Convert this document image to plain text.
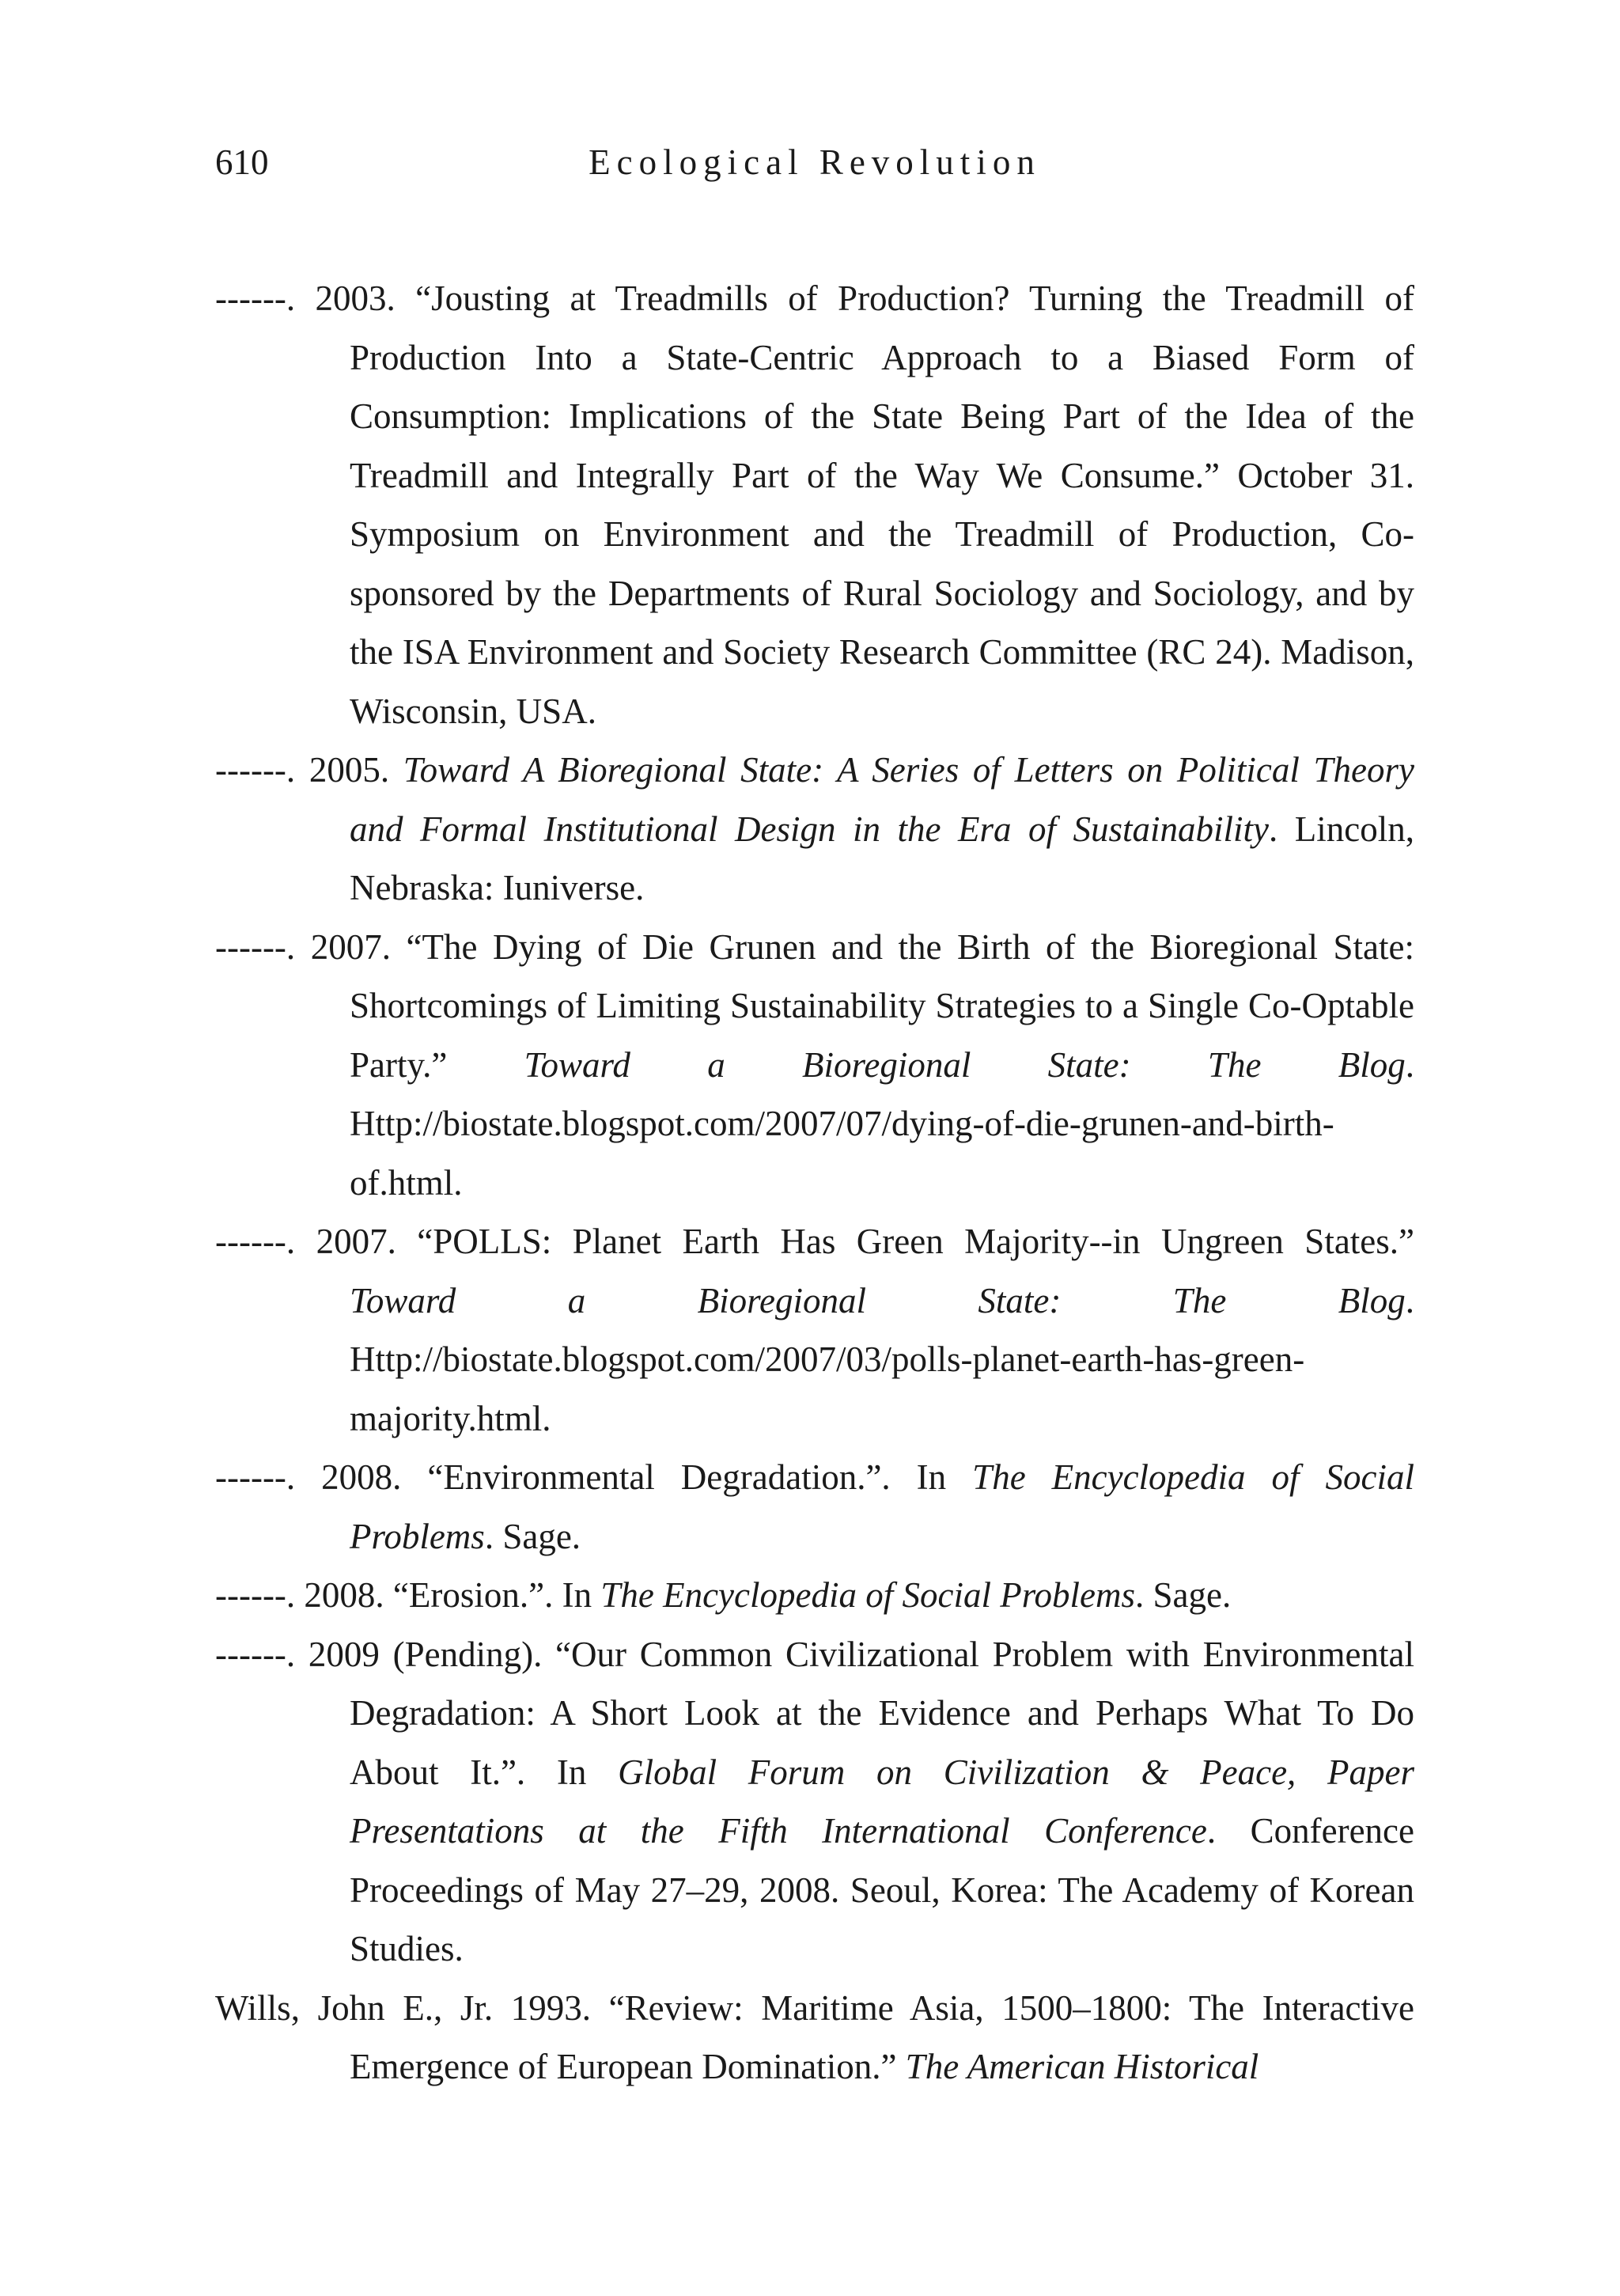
610	Ecological Revolution

------. 2003. “Jousting at Treadmills of Production? Turning the Treadmill of Production Into a State-Centric Approach to a Biased Form of Consumption: Implications of the State Being Part of the Idea of the Treadmill and Integrally Part of the Way We Consume.” October 31. Symposium on Environment and the Treadmill of Production, Co-sponsored by the Departments of Rural Sociology and Sociology, and by the ISA Environment and Society Research Committee (RC 24). Madison, Wisconsin, USA.

------. 2005. Toward A Bioregional State: A Series of Letters on Political Theory and Formal Institutional Design in the Era of Sustainability. Lincoln, Nebraska: Iuniverse.

------. 2007. “The Dying of Die Grunen and the Birth of the Bioregional State: Shortcomings of Limiting Sustainability Strategies to a Single Co-Optable Party.” Toward a Bioregional State: The Blog. Http://biostate.blogspot.com/2007/07/dying-of-die-grunen-and-birth-of.html.

------. 2007. “POLLS: Planet Earth Has Green Majority--in Ungreen States.” Toward a Bioregional State: The Blog. Http://biostate.blogspot.com/2007/03/polls-planet-earth-has-green-majority.html.

------. 2008. “Environmental Degradation.”. In The Encyclopedia of Social Problems. Sage.

------. 2008. “Erosion.”. In The Encyclopedia of Social Problems. Sage.

------. 2009 (Pending). “Our Common Civilizational Problem with Environmental Degradation: A Short Look at the Evidence and Perhaps What To Do About It.”. In Global Forum on Civilization & Peace, Paper Presentations at the Fifth International Conference. Conference Proceedings of May 27–29, 2008. Seoul, Korea: The Academy of Korean Studies.

Wills, John E., Jr. 1993. “Review: Maritime Asia, 1500–1800: The Interactive Emergence of European Domination.” The American Historical
